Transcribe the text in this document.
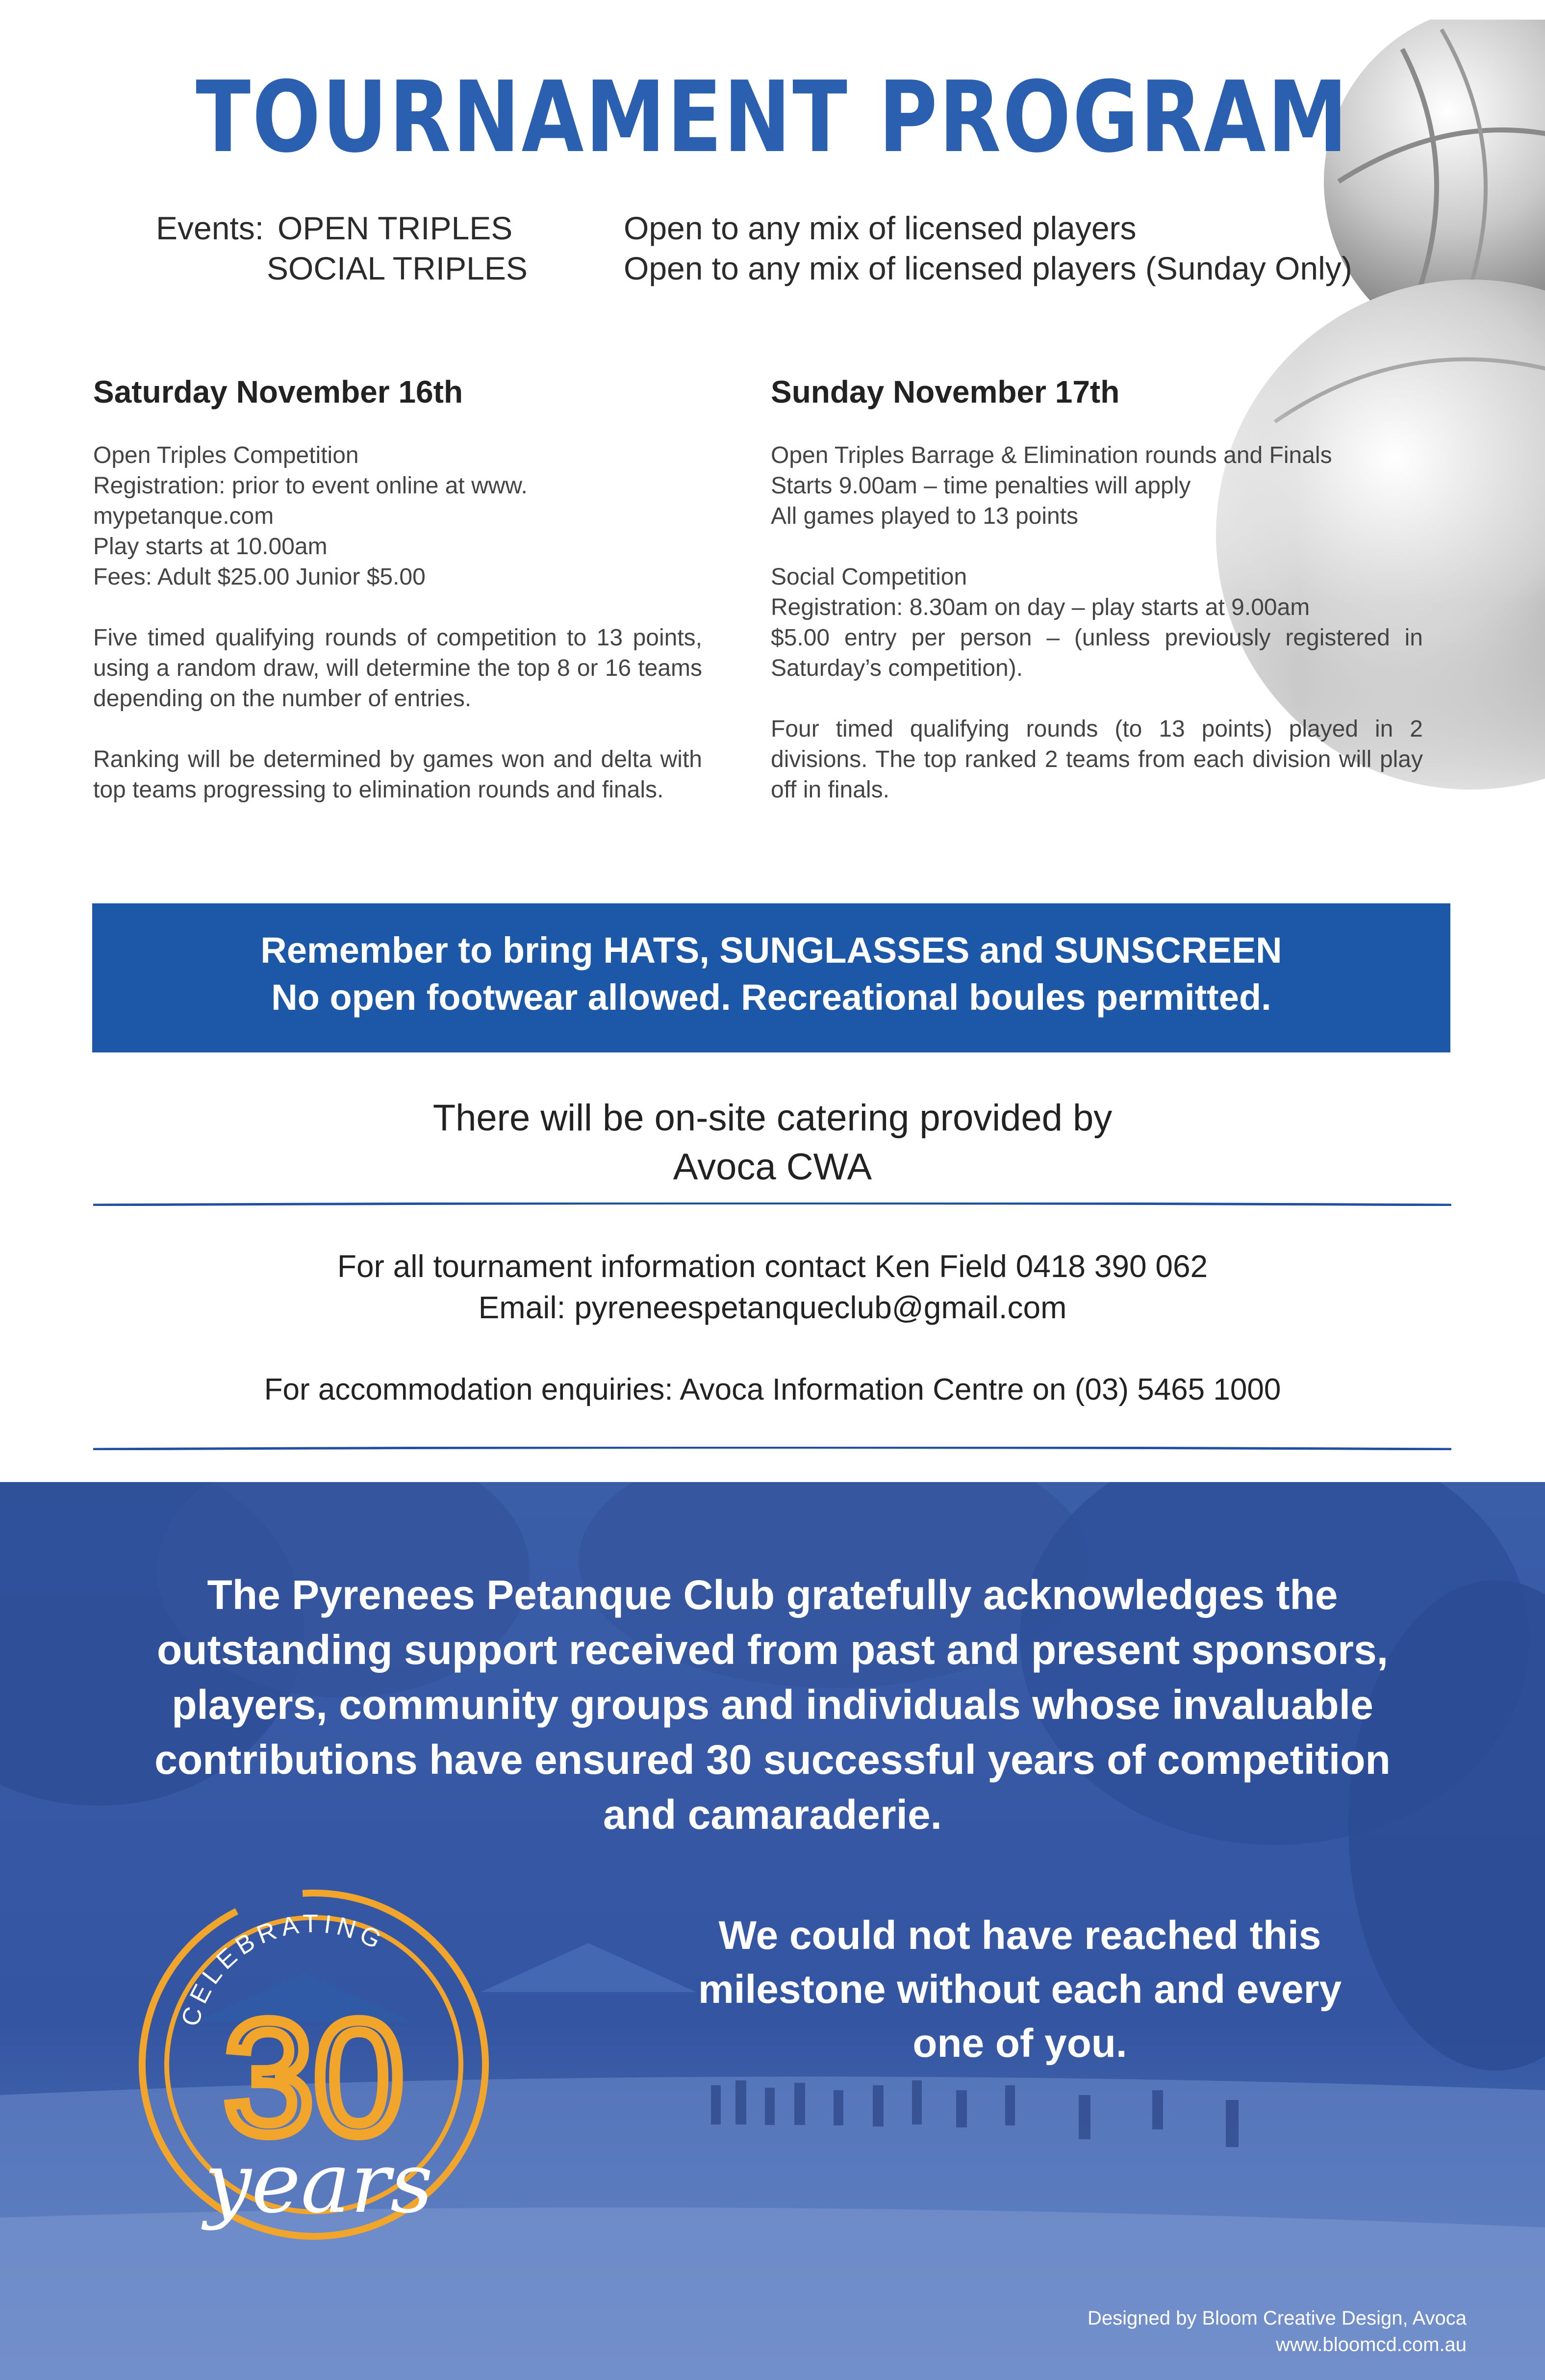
TOURNAMENT PROGRAM
Events: OPEN TRIPLES
SOCIAL TRIPLES
Open to any mix of licensed players
Open to any mix of licensed players (Sunday Only)
Saturday November 16th	Sunday November 17th

Open Triples Competition

Registration: prior to event online at www.

mypetanque.com

Play starts at 10.00am

Fees: Adult $25.00 Junior $5.00

Five timed qualifying rounds of competition to 13 points, using a random draw, will determine the top 8 or 16 teams depending on the number of entries.

Ranking will be determined by games won and delta with top teams progressing to elimination rounds and finals.

Open Triples Barrage & Elimination rounds and Finals

Starts 9.00am – time penalties will apply

All games played to 13 points

Social Competition

Registration: 8.30am on day – play starts at 9.00am

$5.00 entry per person – (unless previously registered in Saturday’s competition).

Four timed qualifying rounds (to 13 points) played in 2 divisions. The top ranked 2 teams from each division will play off in finals.

Remember to bring HATS, SUNGLASSES and SUNSCREEN
No open footwear allowed. Recreational boules permitted.
There will be on-site catering provided by
Avoca CWA
For all tournament information contact Ken Field 0418 390 062
Email: pyreneespetanqueclub@gmail.com
For accommodation enquiries: Avoca Information Centre on (03) 5465 1000
The Pyrenees Petanque Club gratefully acknowledges the
outstanding support received from past and present sponsors,
players, community groups and individuals whose invaluable
contributions have ensured 30 successful years of competition
and camaraderie.
We could not have reached this
milestone without each and every
one of you.
CELEBRATING
30
years
Designed by Bloom Creative Design, Avoca
www.bloomcd.com.au
